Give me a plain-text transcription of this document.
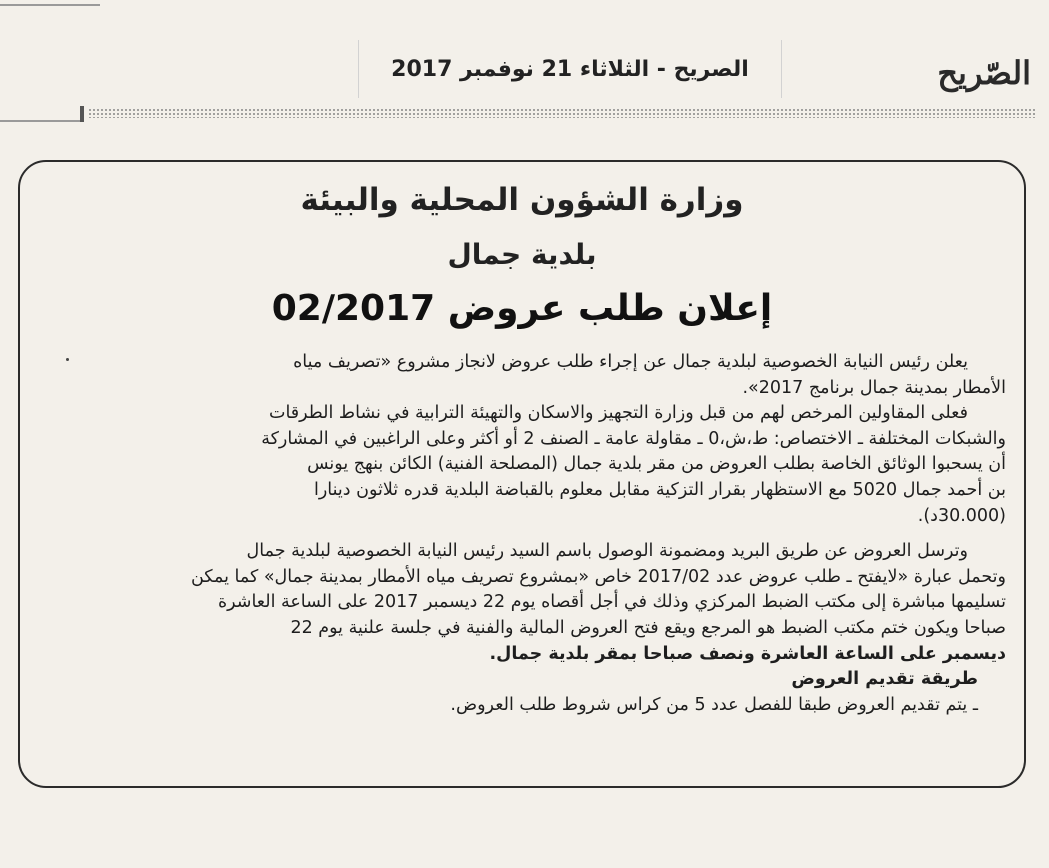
الصريح - الثلاثاء 21 نوفمبر 2017	الصّريح
وزارة الشؤون المحلية والبيئة
بلدية جمال
إعلان طلب عروض 02/2017

يعلن رئيس النيابة الخصوصية لبلدية جمال عن إجراء طلب عروض لانجاز مشروع «تصريف مياه
الأمطار بمدينة جمال برنامج 2017».

فعلى المقاولين المرخص لهم من قبل وزارة التجهيز والاسكان والتهيئة الترابية في نشاط الطرقات
والشبكات المختلفة ـ الاختصاص: ط،ش،0 ـ مقاولة عامة ـ الصنف 2 أو أكثر وعلى الراغبين في المشاركة
أن يسحبوا الوثائق الخاصة بطلب العروض من مقر بلدية جمال (المصلحة الفنية) الكائن بنهج يونس
بن أحمد جمال 5020 مع الاستظهار بقرار التزكية مقابل معلوم بالقباضة البلدية قدره ثلاثون دينارا
(30.000د).

وترسل العروض عن طريق البريد ومضمونة الوصول باسم السيد رئيس النيابة الخصوصية لبلدية جمال
وتحمل عبارة «لايفتح ـ طلب عروض عدد 2017/02 خاص «بمشروع تصريف مياه الأمطار بمدينة جمال» كما يمكن
تسليمها مباشرة إلى مكتب الضبط المركزي وذلك في أجل أقصاه يوم 22 ديسمبر 2017 على الساعة العاشرة
صباحا ويكون ختم مكتب الضبط هو المرجع ويقع فتح العروض المالية والفنية في جلسة علنية يوم 22
ديسمبر على الساعة العاشرة ونصف صباحا بمقر بلدية جمال.

طريقة تقديم العروض

ـ يتم تقديم العروض طبقا للفصل عدد 5 من كراس شروط طلب العروض.
